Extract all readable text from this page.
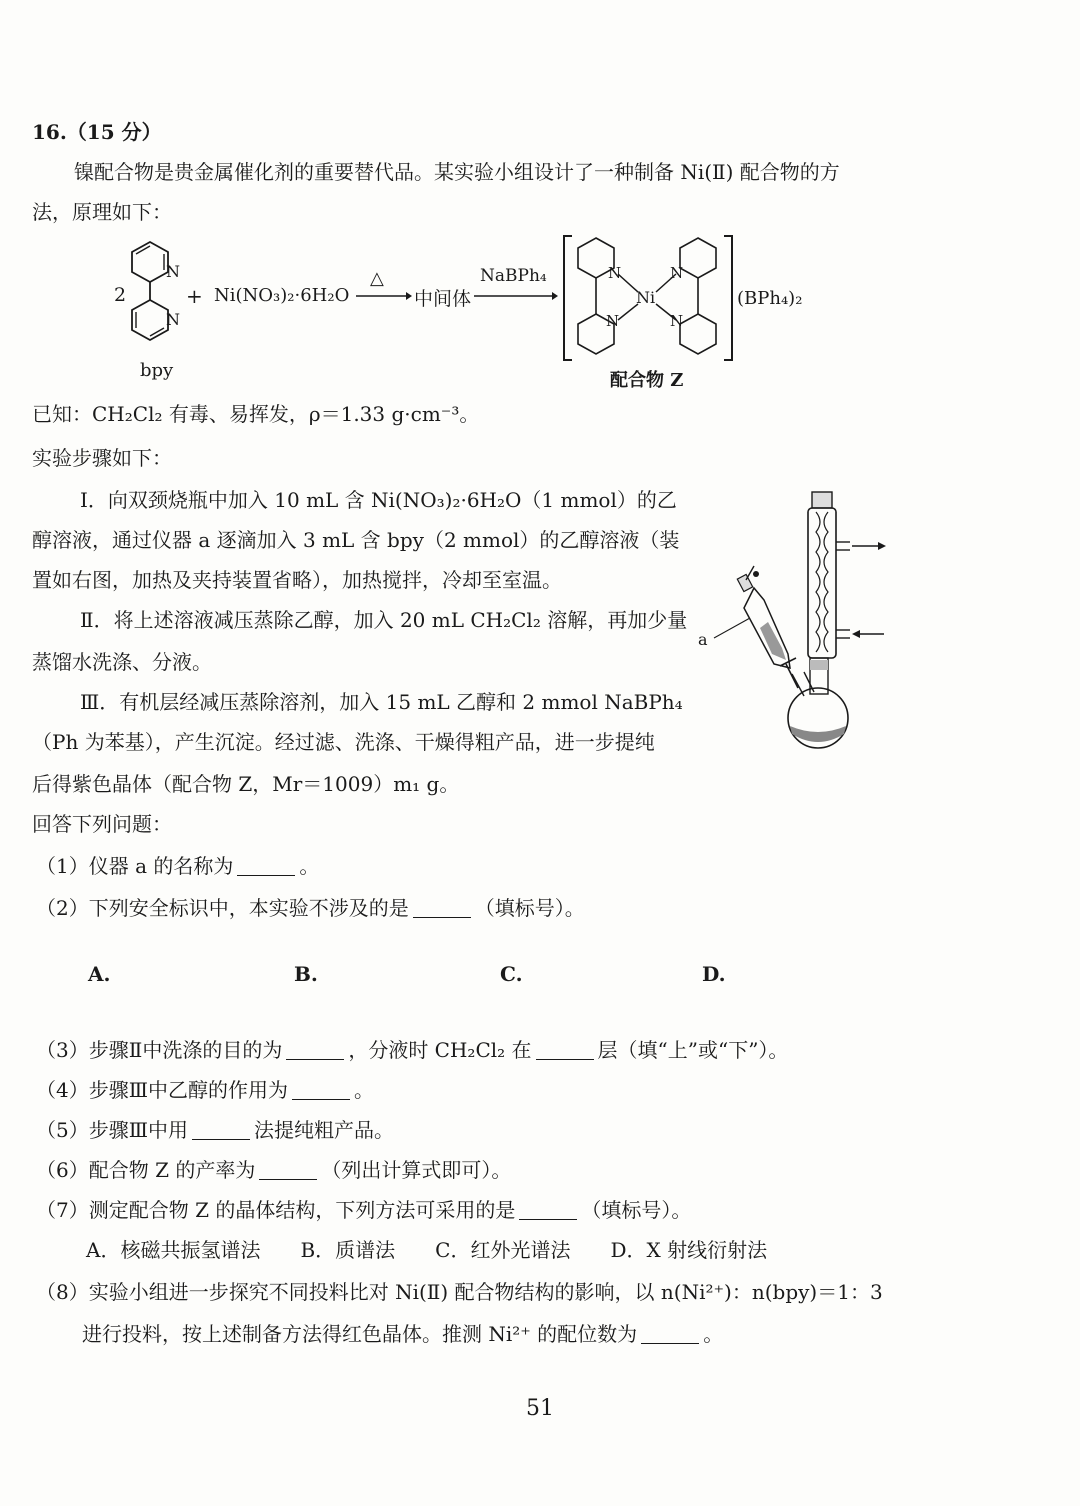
16.（15 分）
镍配合物是贵金属催化剂的重要替代品。某实验小组设计了一种制备 Ni(Ⅱ) 配合物的方
法，原理如下：
2
N
N
bpy
+ Ni(NO₃)₂·6H₂O
△
中间体
NaBPh₄	N
N
N
N
Ni	(BPh₄)₂
配合物 Z
已知：CH₂Cl₂ 有毒、易挥发，ρ＝1.33 g·cm⁻³。
实验步骤如下：
Ⅰ．向双颈烧瓶中加入 10 mL 含 Ni(NO₃)₂·6H₂O（1 mmol）的乙
醇溶液，通过仪器 a 逐滴加入 3 mL 含 bpy（2 mmol）的乙醇溶液（装
置如右图，加热及夹持装置省略），加热搅拌，冷却至室温。
Ⅱ．将上述溶液减压蒸除乙醇，加入 20 mL CH₂Cl₂ 溶解，再加少量
蒸馏水洗涤、分液。
Ⅲ．有机层经减压蒸除溶剂，加入 15 mL 乙醇和 2 mmol NaBPh₄
（Ph 为苯基），产生沉淀。经过滤、洗涤、干燥得粗产品，进一步提纯
后得紫色晶体（配合物 Z，Mr＝1009）m₁ g。
a
回答下列问题：
（1）仪器 a 的名称为	。
（2）下列安全标识中，本实验不涉及的是	（填标号）。
A.	B.	C.	D.
（3）步骤Ⅱ中洗涤的目的为	，分液时 CH₂Cl₂ 在	层（填“上”或“下”）。
（4）步骤Ⅲ中乙醇的作用为	。
（5）步骤Ⅲ中用	法提纯粗产品。
（6）配合物 Z 的产率为	（列出计算式即可）。
（7）测定配合物 Z 的晶体结构，下列方法可采用的是	（填标号）。
A．核磁共振氢谱法　　B．质谱法　　C．红外光谱法　　D．X 射线衍射法
（8）实验小组进一步探究不同投料比对 Ni(Ⅱ) 配合物结构的影响，以 n(Ni²⁺)：n(bpy)＝1：3
进行投料，按上述制备方法得红色晶体。推测 Ni²⁺ 的配位数为	。
51
